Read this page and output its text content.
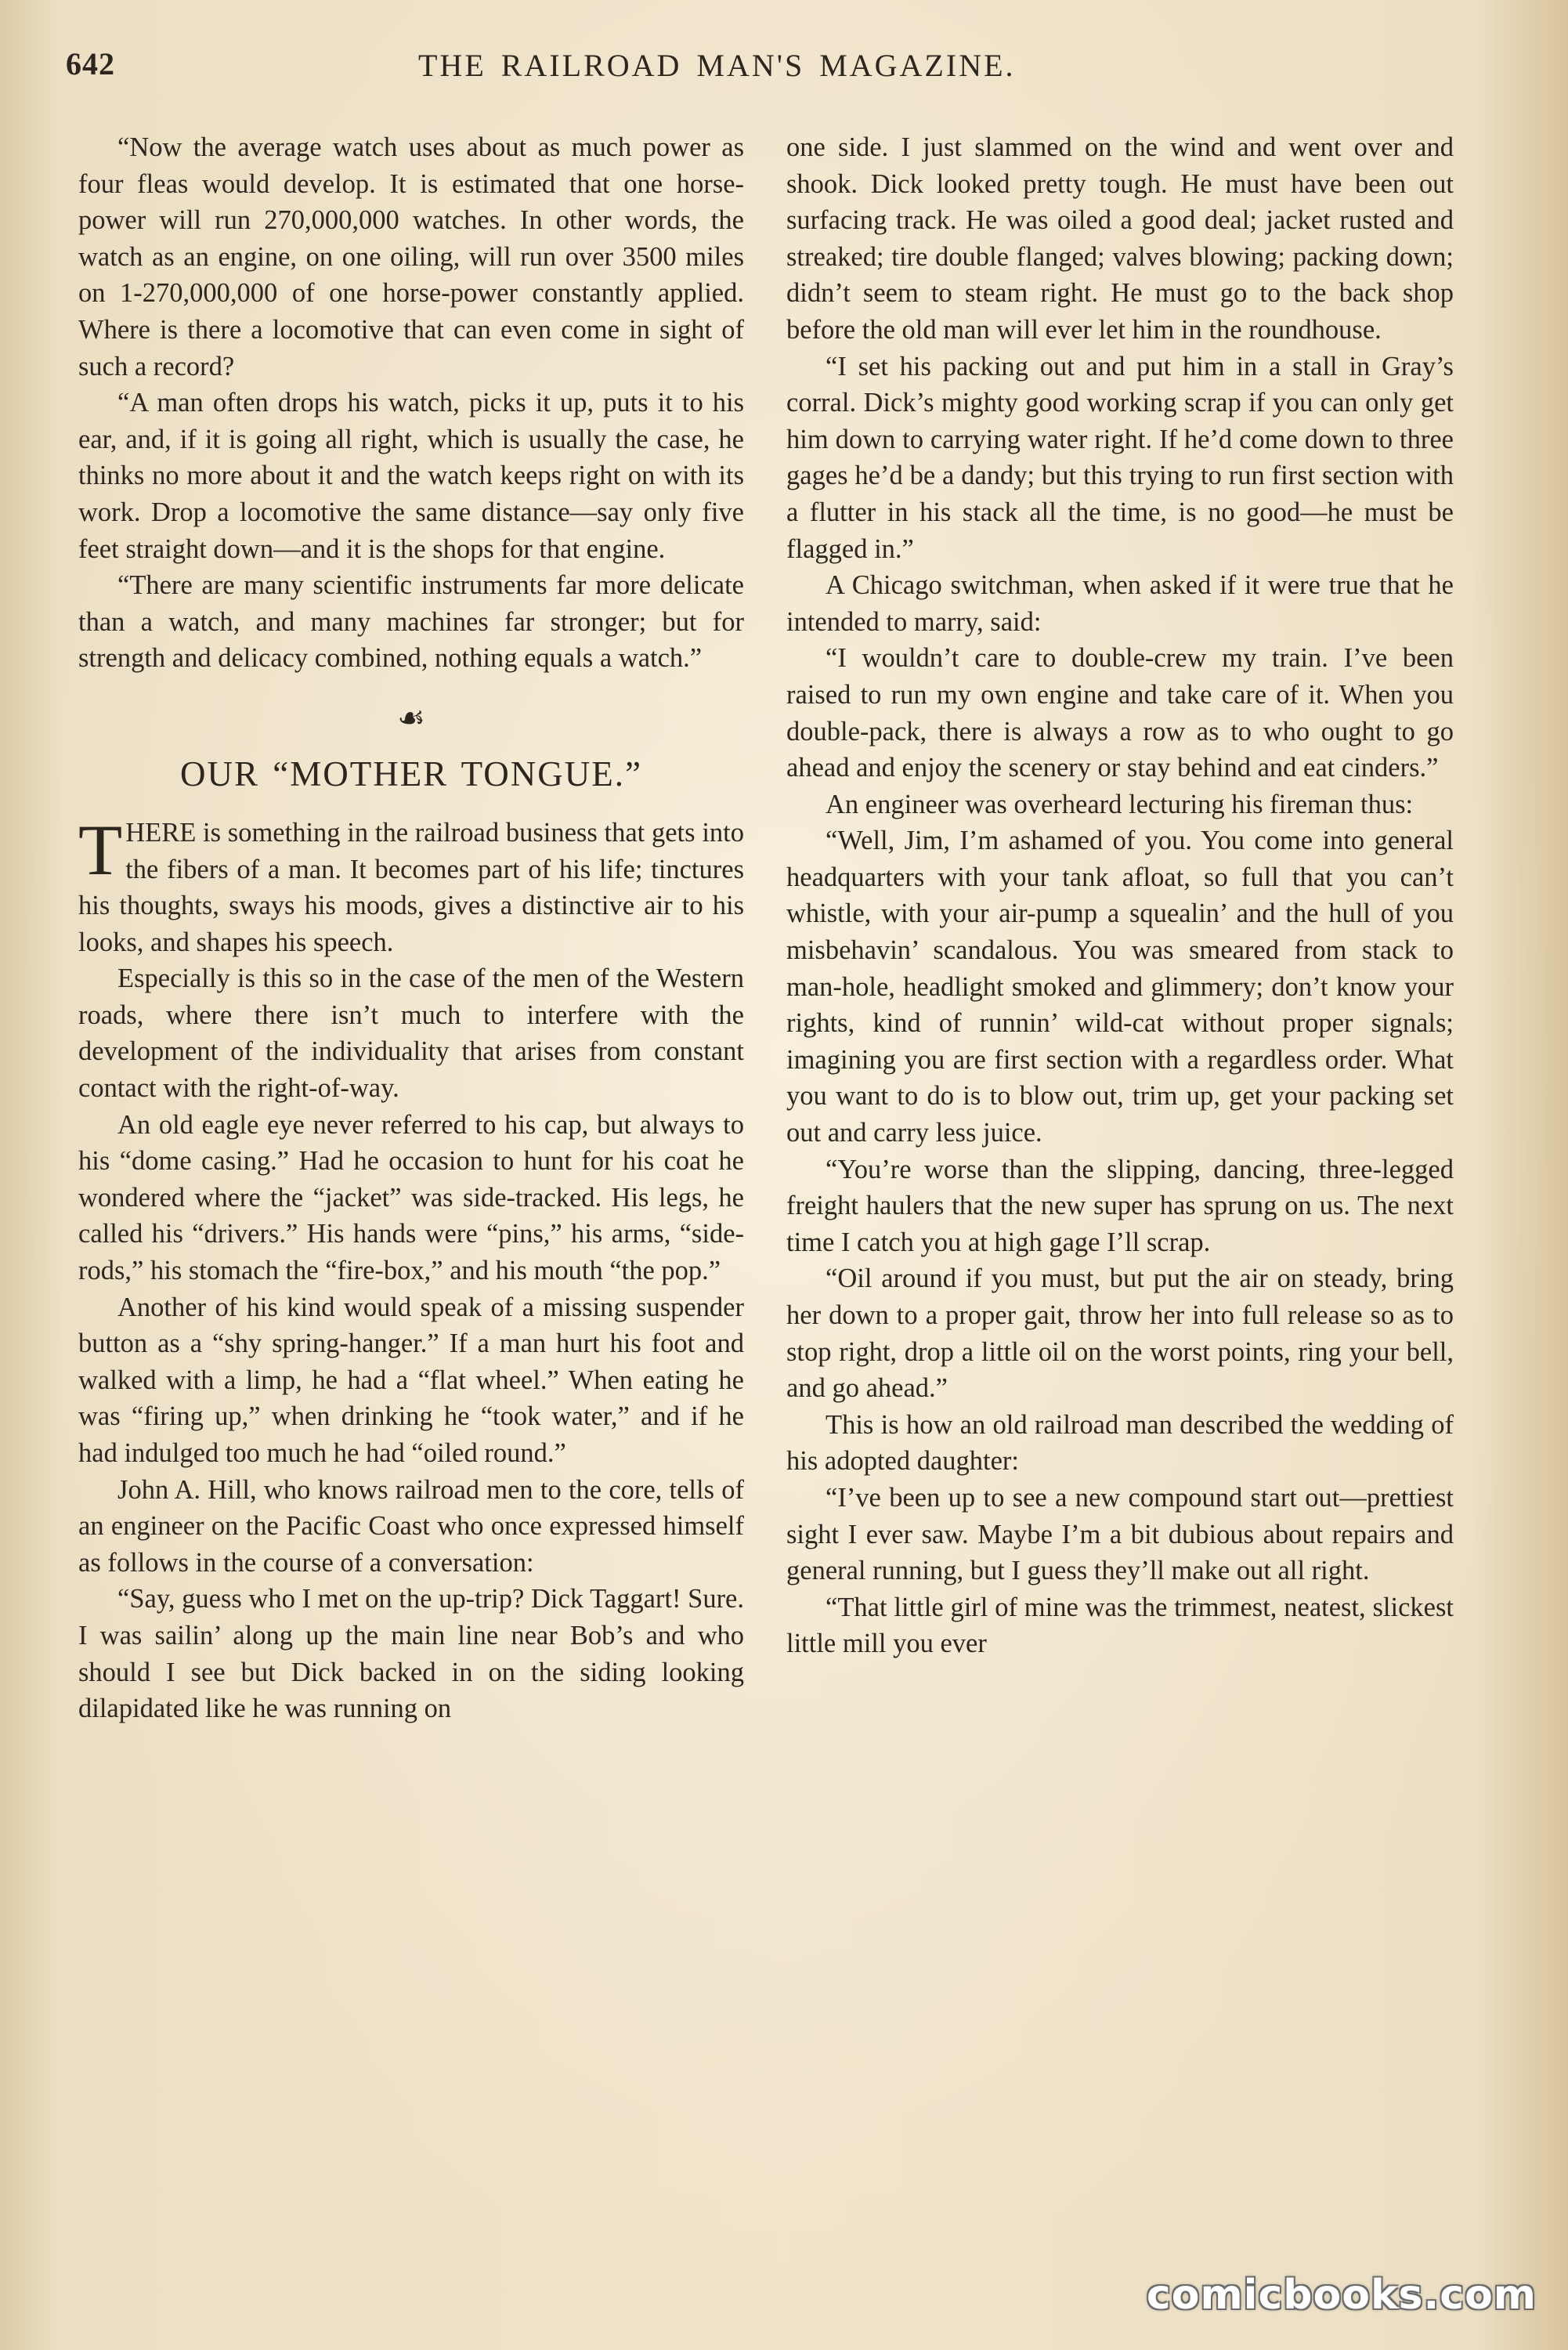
642	THE RAILROAD MAN'S MAGAZINE.

“Now the average watch uses about as much power as four fleas would develop. It is estimated that one horse-power will run 270,000,000 watches. In other words, the watch as an engine, on one oiling, will run over 3500 miles on 1-270,000,000 of one horse-power constantly applied. Where is there a locomotive that can even come in sight of such a record?

“A man often drops his watch, picks it up, puts it to his ear, and, if it is going all right, which is usually the case, he thinks no more about it and the watch keeps right on with its work. Drop a locomotive the same distance—say only five feet straight down—and it is the shops for that engine.

“There are many scientific instruments far more delicate than a watch, and many machines far stronger; but for strength and delicacy combined, nothing equals a watch.”

☙
OUR “MOTHER TONGUE.”

THERE is something in the railroad business that gets into the fibers of a man. It becomes part of his life; tinctures his thoughts, sways his moods, gives a distinctive air to his looks, and shapes his speech.

Especially is this so in the case of the men of the Western roads, where there isn’t much to interfere with the development of the individuality that arises from constant contact with the right-of-way.

An old eagle eye never referred to his cap, but always to his “dome casing.” Had he occasion to hunt for his coat he wondered where the “jacket” was side-tracked. His legs, he called his “drivers.” His hands were “pins,” his arms, “side-rods,” his stomach the “fire-box,” and his mouth “the pop.”

Another of his kind would speak of a missing suspender button as a “shy spring-hanger.” If a man hurt his foot and walked with a limp, he had a “flat wheel.” When eating he was “firing up,” when drinking he “took water,” and if he had indulged too much he had “oiled round.”

John A. Hill, who knows railroad men to the core, tells of an engineer on the Pacific Coast who once expressed himself as follows in the course of a conversation:

“Say, guess who I met on the up-trip? Dick Taggart! Sure. I was sailin’ along up the main line near Bob’s and who should I see but Dick backed in on the siding looking dilapidated like he was running on

one side. I just slammed on the wind and went over and shook. Dick looked pretty tough. He must have been out surfacing track. He was oiled a good deal; jacket rusted and streaked; tire double flanged; valves blowing; packing down; didn’t seem to steam right. He must go to the back shop before the old man will ever let him in the roundhouse.

“I set his packing out and put him in a stall in Gray’s corral. Dick’s mighty good working scrap if you can only get him down to carrying water right. If he’d come down to three gages he’d be a dandy; but this trying to run first section with a flutter in his stack all the time, is no good—he must be flagged in.”

A Chicago switchman, when asked if it were true that he intended to marry, said:

“I wouldn’t care to double-crew my train. I’ve been raised to run my own engine and take care of it. When you double-pack, there is always a row as to who ought to go ahead and enjoy the scenery or stay behind and eat cinders.”

An engineer was overheard lecturing his fireman thus:

“Well, Jim, I’m ashamed of you. You come into general headquarters with your tank afloat, so full that you can’t whistle, with your air-pump a squealin’ and the hull of you misbehavin’ scandalous. You was smeared from stack to man-hole, headlight smoked and glimmery; don’t know your rights, kind of runnin’ wild-cat without proper signals; imagining you are first section with a regardless order. What you want to do is to blow out, trim up, get your packing set out and carry less juice.

“You’re worse than the slipping, dancing, three-legged freight haulers that the new super has sprung on us. The next time I catch you at high gage I’ll scrap.

“Oil around if you must, but put the air on steady, bring her down to a proper gait, throw her into full release so as to stop right, drop a little oil on the worst points, ring your bell, and go ahead.”

This is how an old railroad man described the wedding of his adopted daughter:

“I’ve been up to see a new compound start out—prettiest sight I ever saw. Maybe I’m a bit dubious about repairs and general running, but I guess they’ll make out all right.

“That little girl of mine was the trimmest, neatest, slickest little mill you ever

comicbooks.com
